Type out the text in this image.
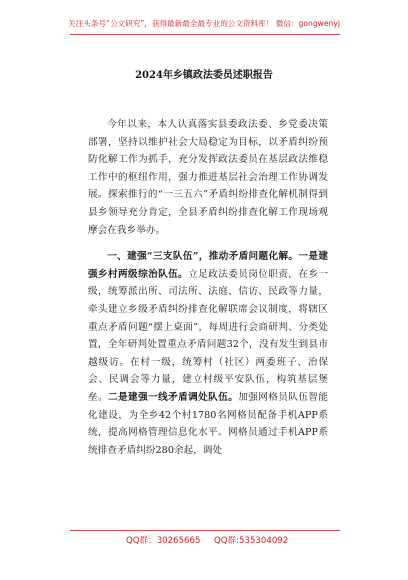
关注头条号“公文研究”，获得最新最全最专业的公文资料库！ 微信：gongwenyj
2024年乡镇政法委员述职报告

今年以来，本人认真落实县委政法委、乡党委决策部署，坚持以维护社会大局稳定为目标，以矛盾纠纷预防化解工作为抓手，充分发挥政法委员在基层政法维稳工作中的枢纽作用，强力推进基层社会治理工作协调发展。探索推行的“一三五六”矛盾纠纷排查化解机制得到县乡领导充分肯定，全县矛盾纠纷排查化解工作现场观摩会在我乡举办。

一、建强“三支队伍”，推动矛盾问题化解。一是建强乡村两级综治队伍。立足政法委员岗位职责，在乡一级，统筹派出所、司法所、法庭、信访、民政等力量，牵头建立乡级矛盾纠纷排查化解联席会议制度，将辖区重点矛盾问题“摆上桌面”，每周进行会商研判、分类处置，全年研判处置重点矛盾问题32个，没有发生到县市越级访。在村一级，统筹村（社区）两委班子、治保会、民调会等力量，建立村级平安队伍，构筑基层堡垒。二是建强一线矛盾调处队伍。加强网格员队伍智能化建设，为全乡42个村1780名网格员配备手机APP系统，提高网格管理信息化水平。网格员通过手机APP系统排查矛盾纠纷280余起，调处

QQ群：30265665 QQ群:535304092
